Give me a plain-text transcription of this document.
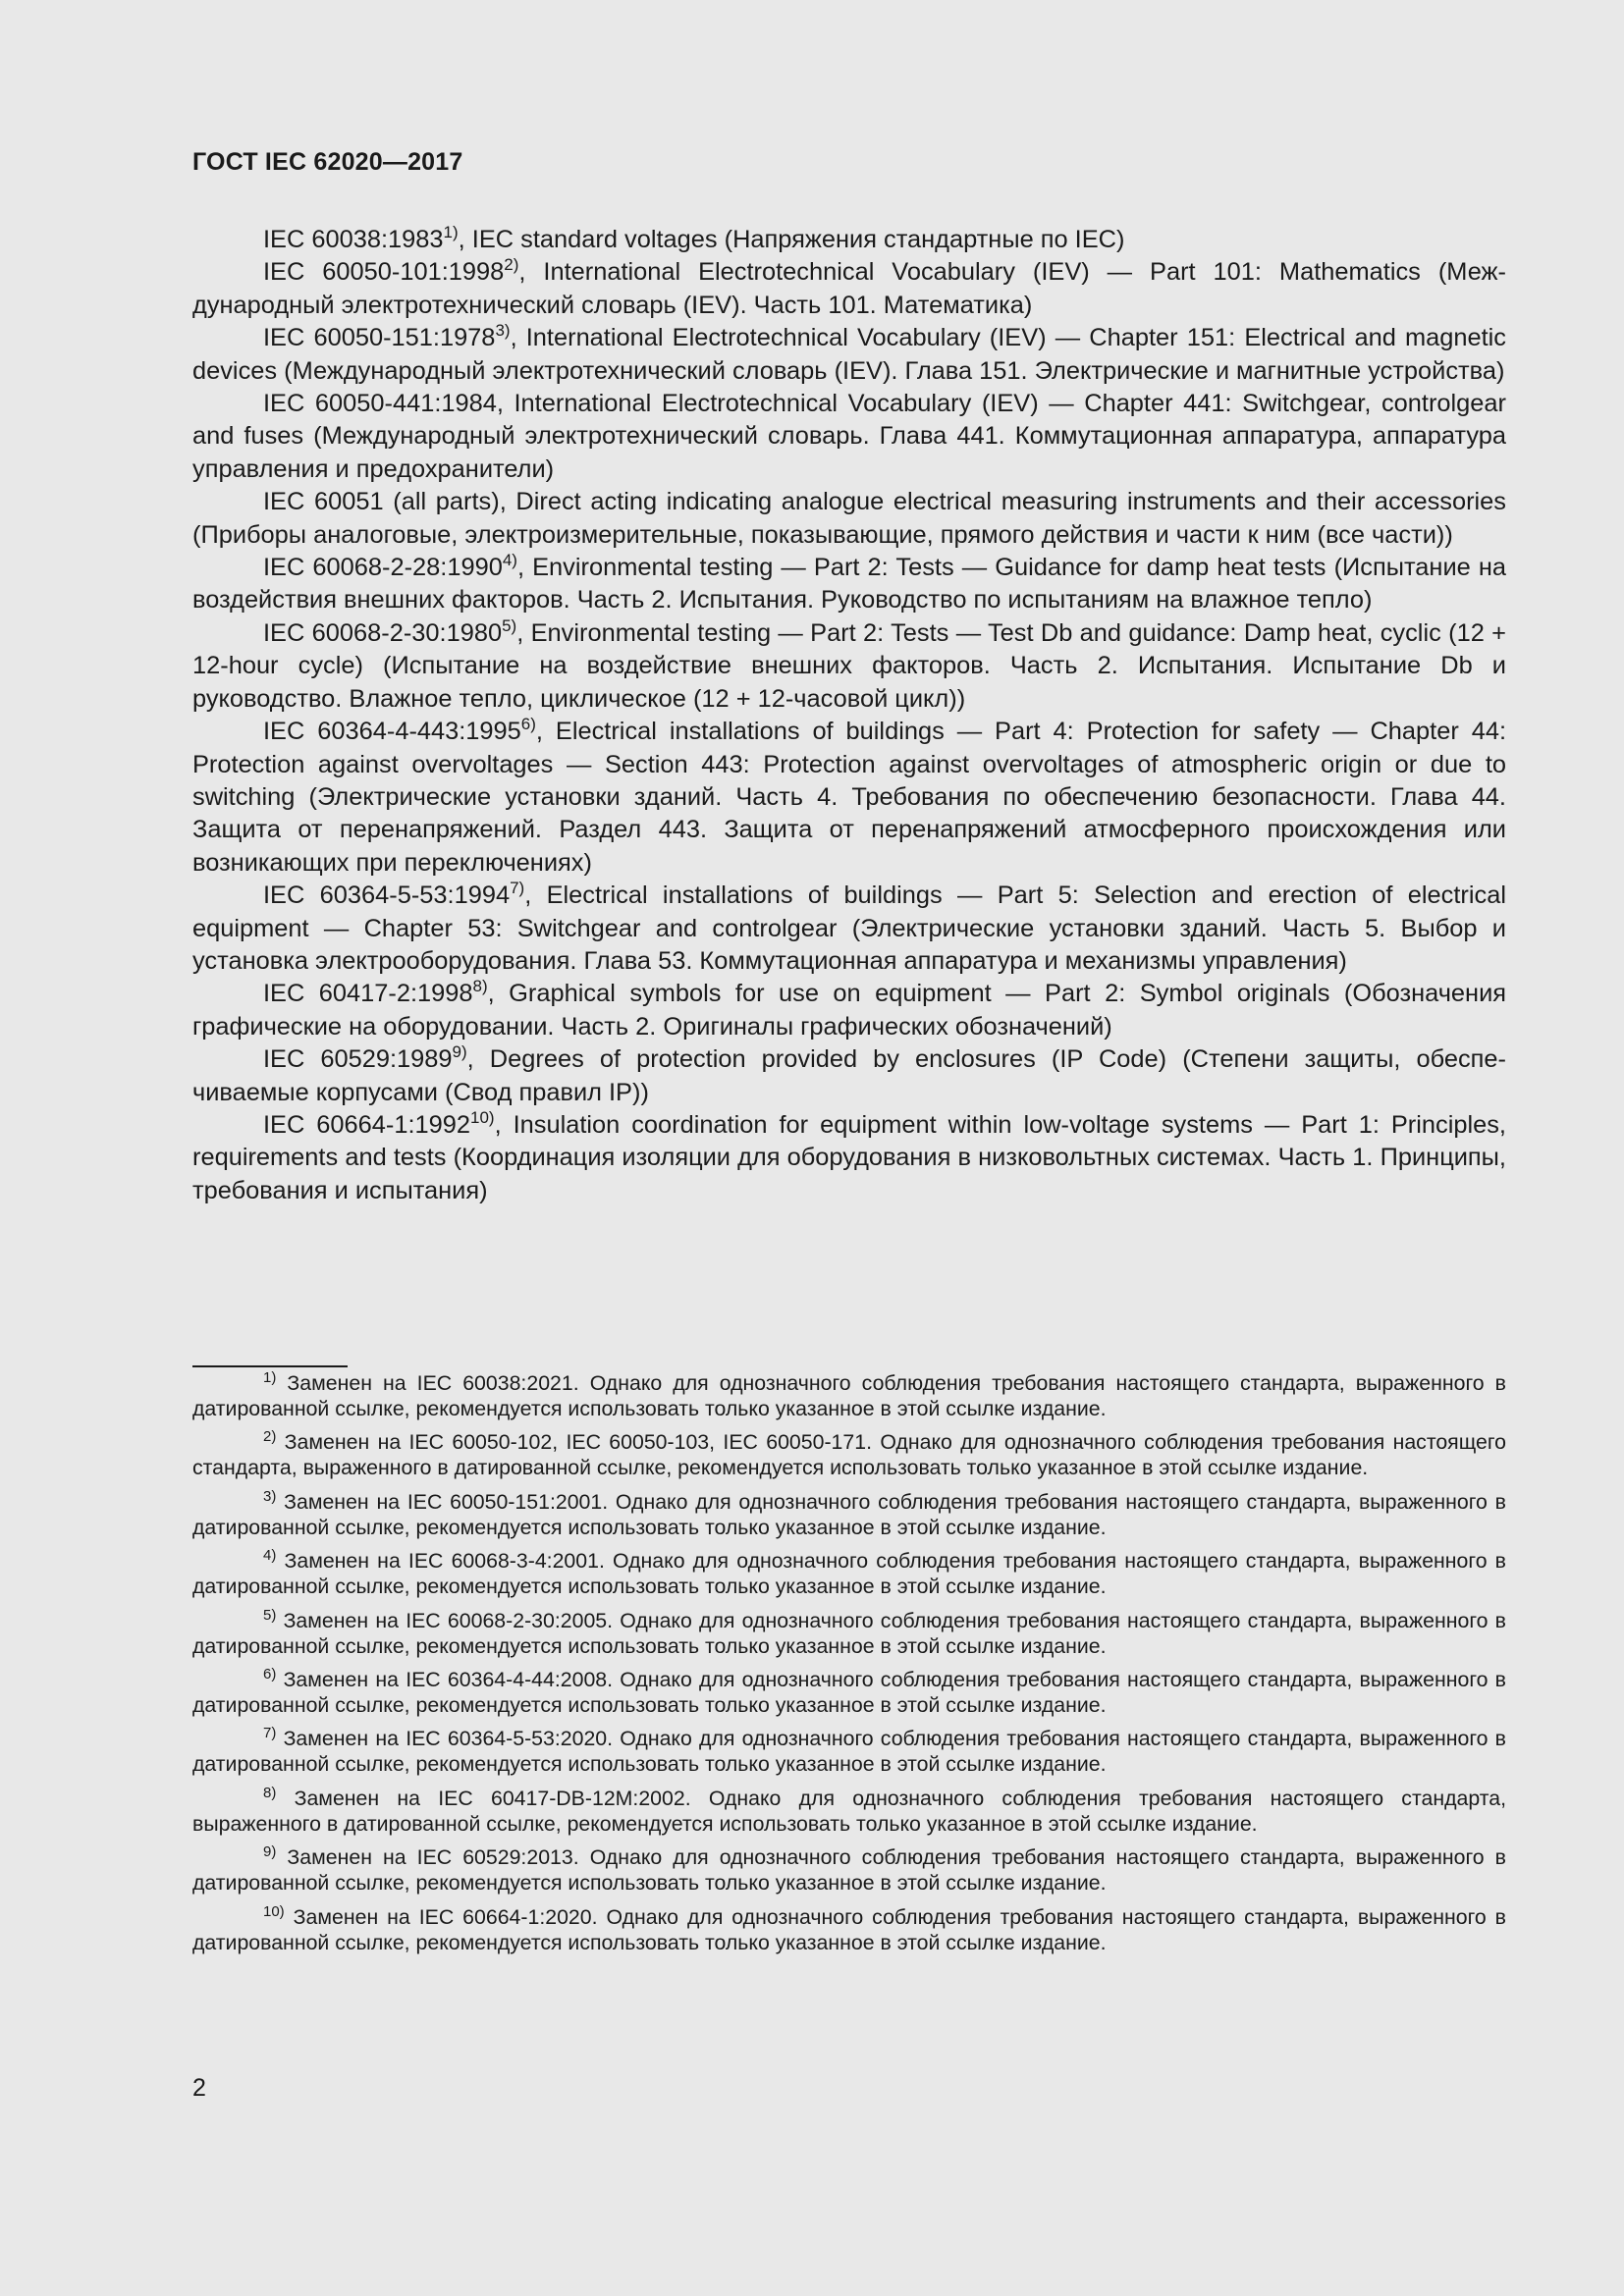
ГОСТ IEC 62020—2017

IEC 60038:1983$^{1)}$, IEC standard voltages (Напряжения стандартные по IEC)

IEC 60050-101:1998$^{2)}$, International Electrotechnical Vocabulary (IEV) — Part 101: Mathematics (Международный электротехнический словарь (IEV). Часть 101. Математика)

IEC 60050-151:1978$^{3)}$, International Electrotechnical Vocabulary (IEV) — Chapter 151: Electrical and magnetic devices (Международный электротехнический словарь (IEV). Глава 151. Электрические и магнитные устройства)

IEC 60050-441:1984, International Electrotechnical Vocabulary (IEV) — Chapter 441: Switchgear, controlgear and fuses (Международный электротехнический словарь. Глава 441. Коммутационная аппаратура, аппаратура управления и предохранители)

IEC 60051 (all parts), Direct acting indicating analogue electrical measuring instruments and their accessories (Приборы аналоговые, электроизмерительные, показывающие, прямого действия и части к ним (все части))

IEC 60068-2-28:1990$^{4)}$, Environmental testing — Part 2: Tests — Guidance for damp heat tests (Испытание на воздействия внешних факторов. Часть 2. Испытания. Руководство по испытаниям на влажное тепло)

IEC 60068-2-30:1980$^{5)}$, Environmental testing — Part 2: Tests — Test Db and guidance: Damp heat, cyclic (12 + 12-hour cycle) (Испытание на воздействие внешних факторов. Часть 2. Испытания. Испытание Db и руководство. Влажное тепло, циклическое (12 + 12-часовой цикл))

IEC 60364-4-443:1995$^{6)}$, Electrical installations of buildings — Part 4: Protection for safety — Chapter 44: Protection against overvoltages — Section 443: Protection against overvoltages of atmospheric origin or due to switching (Электрические установки зданий. Часть 4. Требования по обеспечению безопасности. Глава 44. Защита от перенапряжений. Раздел 443. Защита от перенапряжений атмосферного происхождения или возникающих при переключениях)

IEC 60364-5-53:1994$^{7)}$, Electrical installations of buildings — Part 5: Selection and erection of electrical equipment — Chapter 53: Switchgear and controlgear (Электрические установки зданий. Часть 5. Выбор и установка электрооборудования. Глава 53. Коммутационная аппаратура и механизмы управления)

IEC 60417-2:1998$^{8)}$, Graphical symbols for use on equipment — Part 2: Symbol originals (Обозначения графические на оборудовании. Часть 2. Оригиналы графических обозначений)

IEC 60529:1989$^{9)}$, Degrees of protection provided by enclosures (IP Code) (Степени защиты, обеспечиваемые корпусами (Свод правил IP))

IEC 60664-1:1992$^{10)}$, Insulation coordination for equipment within low-voltage systems — Part 1: Principles, requirements and tests (Координация изоляции для оборудования в низковольтных системах. Часть 1. Принципы, требования и испытания)

$^{1)}$ Заменен на IEC 60038:2021. Однако для однозначного соблюдения требования настоящего стандарта, выраженного в датированной ссылке, рекомендуется использовать только указанное в этой ссылке издание.

$^{2)}$ Заменен на IEC 60050-102, IEC 60050-103, IEC 60050-171. Однако для однозначного соблюдения требования настоящего стандарта, выраженного в датированной ссылке, рекомендуется использовать только указанное в этой ссылке издание.

$^{3)}$ Заменен на IEC 60050-151:2001. Однако для однозначного соблюдения требования настоящего стандарта, выраженного в датированной ссылке, рекомендуется использовать только указанное в этой ссылке издание.

$^{4)}$ Заменен на IEC 60068-3-4:2001. Однако для однозначного соблюдения требования настоящего стандарта, выраженного в датированной ссылке, рекомендуется использовать только указанное в этой ссылке издание.

$^{5)}$ Заменен на IEC 60068-2-30:2005. Однако для однозначного соблюдения требования настоящего стандарта, выраженного в датированной ссылке, рекомендуется использовать только указанное в этой ссылке издание.

$^{6)}$ Заменен на IEC 60364-4-44:2008. Однако для однозначного соблюдения требования настоящего стандарта, выраженного в датированной ссылке, рекомендуется использовать только указанное в этой ссылке издание.

$^{7)}$ Заменен на IEC 60364-5-53:2020. Однако для однозначного соблюдения требования настоящего стандарта, выраженного в датированной ссылке, рекомендуется использовать только указанное в этой ссылке издание.

$^{8)}$ Заменен на IEC 60417-DB-12M:2002. Однако для однозначного соблюдения требования настоящего стандарта, выраженного в датированной ссылке, рекомендуется использовать только указанное в этой ссылке издание.

$^{9)}$ Заменен на IEC 60529:2013. Однако для однозначного соблюдения требования настоящего стандарта, выраженного в датированной ссылке, рекомендуется использовать только указанное в этой ссылке издание.

$^{10)}$ Заменен на IEC 60664-1:2020. Однако для однозначного соблюдения требования настоящего стандарта, выраженного в датированной ссылке, рекомендуется использовать только указанное в этой ссылке издание.

2
